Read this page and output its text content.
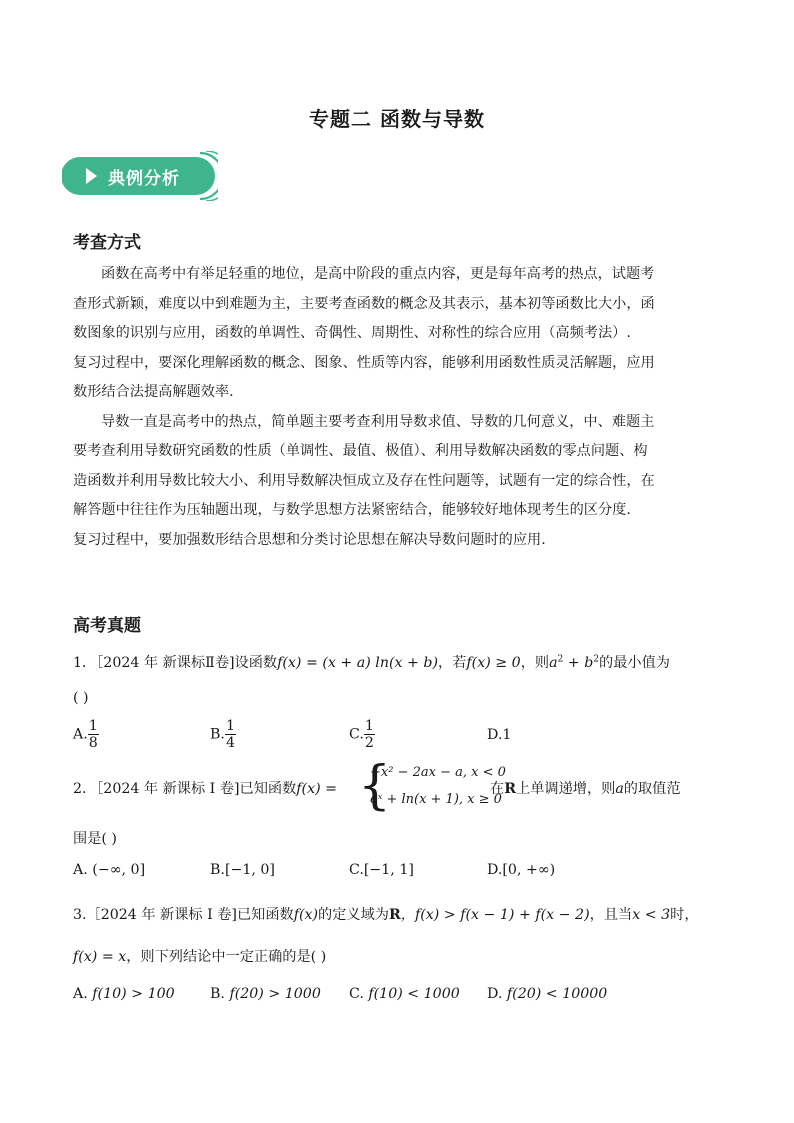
专题二 函数与导数
典例分析
考查方式
函数在高考中有举足轻重的地位，是高中阶段的重点内容，更是每年高考的热点，试题考
查形式新颖，难度以中到难题为主，主要考查函数的概念及其表示，基本初等函数比大小，函
数图象的识别与应用，函数的单调性、奇偶性、周期性、对称性的综合应用（高频考法）.
复习过程中，要深化理解函数的概念、图象、性质等内容，能够利用函数性质灵活解题，应用
数形结合法提高解题效率.
导数一直是高考中的热点，简单题主要考查利用导数求值、导数的几何意义，中、难题主
要考查利用导数研究函数的性质（单调性、最值、极值）、利用导数解决函数的零点问题、构
造函数并利用导数比较大小、利用导数解决恒成立及存在性问题等，试题有一定的综合性，在
解答题中往往作为压轴题出现，与数学思想方法紧密结合，能够较好地体现考生的区分度.
复习过程中，要加强数形结合思想和分类讨论思想在解决导数问题时的应用.
高考真题
1．［2024 年 新课标Ⅱ卷]设函数f(x) = (x + a) ln(x + b)，若f(x) ≥ 0，则$a^2 + b^2$的最小值为
( )
A. $\frac{1}{8}$	B. $\frac{1}{4}$	C. $\frac{1}{2}$	D.1
2．［2024 年 新课标 I 卷]已知函数f(x) = {
−x² − 2ax − a, x < 0
eˣ + ln(x + 1), x ≥ 0
在R上单调递增，则a的取值范
围是( )
A. (−∞, 0]	B.[−1, 0]	C.[−1, 1]	D.[0, +∞)
3.［2024 年 新课标 I 卷]已知函数f(x)的定义域为R，f(x) > f(x − 1) + f(x − 2)，且当x < 3时，
f(x) = x，则下列结论中一定正确的是( )
A. f(10) > 100 B. f(20) > 1000 C. f(10) < 1000 D. f(20) < 10000
